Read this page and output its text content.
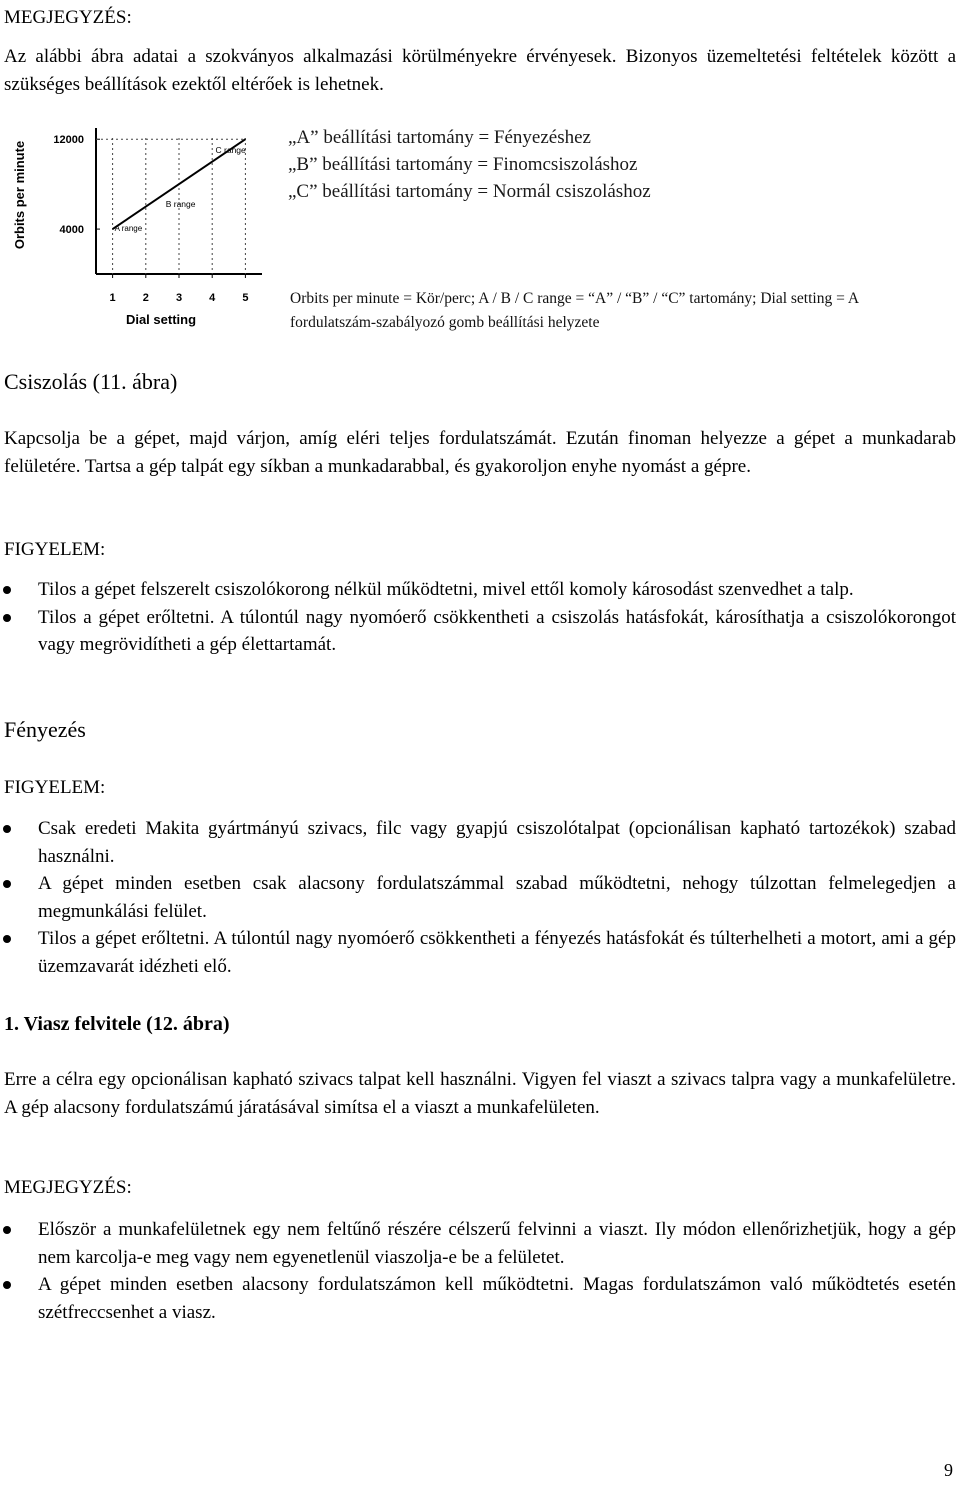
MEGJEGYZÉS:

Az alábbi ábra adatai a szokványos alkalmazási körülményekre érvényesek. Bizonyos üzemeltetési feltételek között a szükséges beállítások ezektől eltérőek is lehetnek.

4000
12000
1 2 3 4 5
A range
B range
C range
Dial setting
Orbits per minute
„A” beállítási tartomány = Fényezéshez
„B” beállítási tartomány = Finomcsiszoláshoz
„C” beállítási tartomány = Normál csiszoláshoz

Orbits per minute = Kör/perc; A / B / C range = “A” / “B” / “C” tartomány; Dial setting = A fordulatszám-szabályozó gomb beállítási helyzete

Csiszolás (11. ábra)

Kapcsolja be a gépet, majd várjon, amíg eléri teljes fordulatszámát. Ezután finoman helyezze a gépet a munkadarab felületére. Tartsa a gép talpát egy síkban a munkadarabbal, és gyakoroljon enyhe nyomást a gépre.

FIGYELEM:

Tilos a gépet felszerelt csiszolókorong nélkül működtetni, mivel ettől komoly károsodást szenvedhet a talp.
Tilos a gépet erőltetni. A túlontúl nagy nyomóerő csökkentheti a csiszolás hatásfokát, károsíthatja a csiszolókorongot vagy megrövidítheti a gép élettartamát.
Fényezés

FIGYELEM:

Csak eredeti Makita gyártmányú szivacs, filc vagy gyapjú csiszolótalpat (opcionálisan kapható tartozékok) szabad használni.
A gépet minden esetben csak alacsony fordulatszámmal szabad működtetni, nehogy túlzottan felmelegedjen a megmunkálási felület.
Tilos a gépet erőltetni. A túlontúl nagy nyomóerő csökkentheti a fényezés hatásfokát és túlterhelheti a motort, ami a gép üzemzavarát idézheti elő.
1. Viasz felvitele (12. ábra)

Erre a célra egy opcionálisan kapható szivacs talpat kell használni. Vigyen fel viaszt a szivacs talpra vagy a munkafelületre. A gép alacsony fordulatszámú járatásával simítsa el a viaszt a munkafelületen.

MEGJEGYZÉS:

Először a munkafelületnek egy nem feltűnő részére célszerű felvinni a viaszt. Ily módon ellenőrizhetjük, hogy a gép nem karcolja-e meg vagy nem egyenetlenül viaszolja-e be a felületet.
A gépet minden esetben alacsony fordulatszámon kell működtetni. Magas fordulatszámon való működtetés esetén szétfreccsenhet a viasz.
9
